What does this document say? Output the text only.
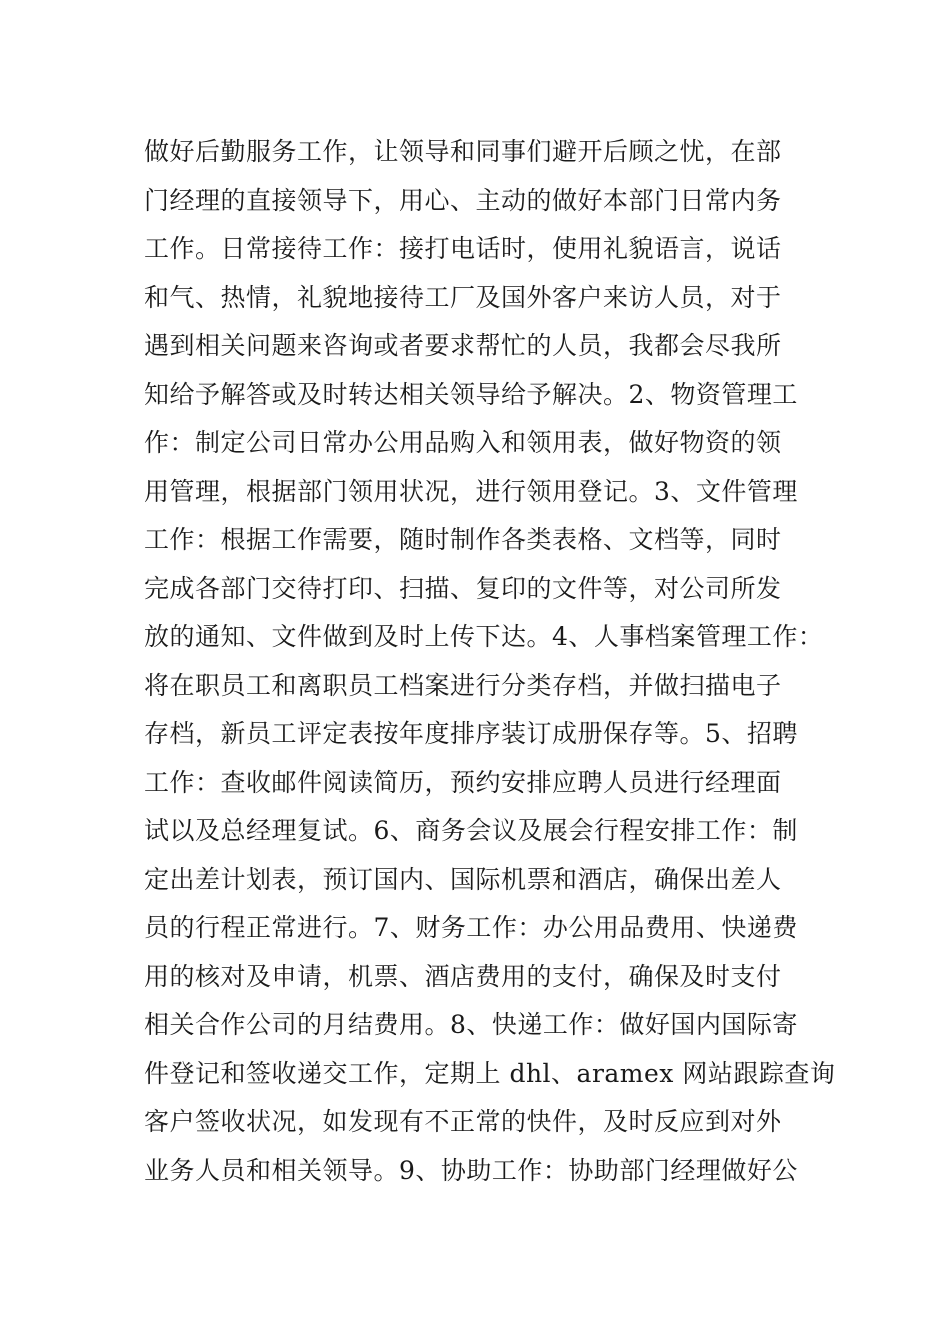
做好后勤服务工作，让领导和同事们避开后顾之忧，在部
门经理的直接领导下，用心、主动的做好本部门日常内务
工作。日常接待工作：接打电话时，使用礼貌语言，说话
和气、热情，礼貌地接待工厂及国外客户来访人员，对于
遇到相关问题来咨询或者要求帮忙的人员，我都会尽我所
知给予解答或及时转达相关领导给予解决。2、物资管理工
作：制定公司日常办公用品购入和领用表，做好物资的领
用管理，根据部门领用状况，进行领用登记。3、文件管理
工作：根据工作需要，随时制作各类表格、文档等，同时
完成各部门交待打印、扫描、复印的文件等，对公司所发
放的通知、文件做到及时上传下达。4、人事档案管理工作：
将在职员工和离职员工档案进行分类存档，并做扫描电子
存档，新员工评定表按年度排序装订成册保存等。5、招聘
工作：查收邮件阅读简历，预约安排应聘人员进行经理面
试以及总经理复试。6、商务会议及展会行程安排工作：制
定出差计划表，预订国内、国际机票和酒店，确保出差人
员的行程正常进行。7、财务工作：办公用品费用、快递费
用的核对及申请，机票、酒店费用的支付，确保及时支付
相关合作公司的月结费用。8、快递工作：做好国内国际寄
件登记和签收递交工作，定期上 dhl、aramex 网站跟踪查询
客户签收状况，如发现有不正常的快件，及时反应到对外
业务人员和相关领导。9、协助工作：协助部门经理做好公
